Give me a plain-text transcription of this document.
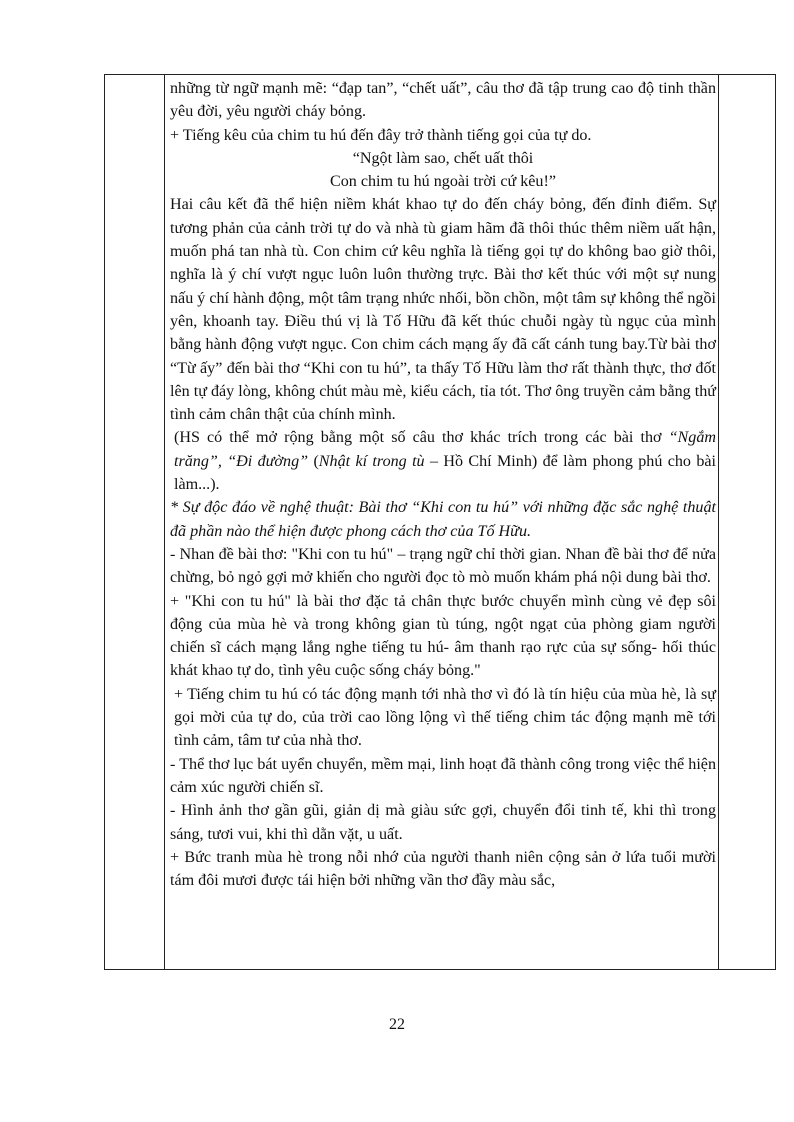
những từ ngữ mạnh mẽ: “đạp tan”, “chết uất”, câu thơ đã tập trung cao độ tinh thần yêu đời, yêu người cháy bỏng.

+ Tiếng kêu của chim tu hú đến đây trở thành tiếng gọi của tự do.

“Ngột làm sao, chết uất thôi

Con chim tu hú ngoài trời cứ kêu!”

Hai câu kết đã thể hiện niềm khát khao tự do đến cháy bỏng, đến đỉnh điểm. Sự tương phản của cảnh trời tự do và nhà tù giam hãm đã thôi thúc thêm niềm uất hận, muốn phá tan nhà tù. Con chim cứ kêu nghĩa là tiếng gọi tự do không bao giờ thôi, nghĩa là ý chí vượt ngục luôn luôn thường trực. Bài thơ kết thúc với một sự nung nấu ý chí hành động, một tâm trạng nhức nhối, bồn chồn, một tâm sự không thể ngồi yên, khoanh tay. Điều thú vị là Tố Hữu đã kết thúc chuỗi ngày tù ngục của mình bằng hành động vượt ngục. Con chim cách mạng ấy đã cất cánh tung bay.Từ bài thơ “Từ ấy” đến bài thơ “Khi con tu hú”, ta thấy Tố Hữu làm thơ rất thành thực, thơ đốt lên tự đáy lòng, không chút màu mè, kiểu cách, tỉa tót. Thơ ông truyền cảm bằng thứ tình cảm chân thật của chính mình.

(HS có thể mở rộng bằng một số câu thơ khác trích trong các bài thơ “Ngắm trăng”, “Đi đường” (Nhật kí trong tù – Hồ Chí Minh) để làm phong phú cho bài làm...).

* Sự độc đáo về nghệ thuật: Bài thơ “Khi con tu hú” với những đặc sắc nghệ thuật đã phần nào thể hiện được phong cách thơ của Tố Hữu.

- Nhan đề bài thơ: "Khi con tu hú" – trạng ngữ chỉ thời gian. Nhan đề bài thơ để nửa chừng, bỏ ngỏ gợi mở khiến cho người đọc tò mò muốn khám phá nội dung bài thơ.

+ "Khi con tu hú" là bài thơ đặc tả chân thực bước chuyển mình cùng vẻ đẹp sôi động của mùa hè và trong không gian tù túng, ngột ngạt của phòng giam người chiến sĩ cách mạng lắng nghe tiếng tu hú- âm thanh rạo rực của sự sống- hối thúc khát khao tự do, tình yêu cuộc sống cháy bỏng."

+ Tiếng chim tu hú có tác động mạnh tới nhà thơ vì đó là tín hiệu của mùa hè, là sự gọi mời của tự do, của trời cao lồng lộng vì thế tiếng chim tác động mạnh mẽ tới tình cảm, tâm tư của nhà thơ.

- Thể thơ lục bát uyển chuyển, mềm mại, linh hoạt đã thành công trong việc thể hiện cảm xúc người chiến sĩ.

- Hình ảnh thơ gần gũi, giản dị mà giàu sức gợi, chuyển đổi tinh tế, khi thì trong sáng, tươi vui, khi thì dằn vặt, u uất.

+ Bức tranh mùa hè trong nỗi nhớ của người thanh niên cộng sản ở lứa tuổi mười tám đôi mươi được tái hiện bởi những vần thơ đầy màu sắc,

22
